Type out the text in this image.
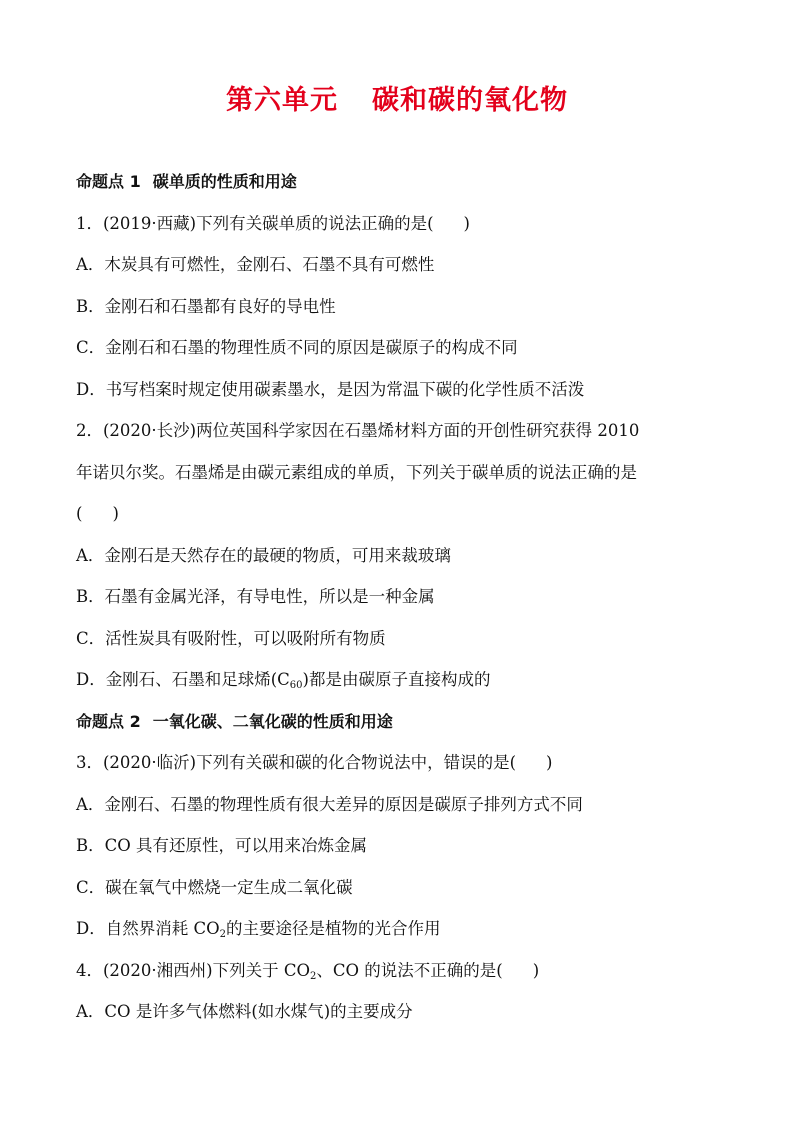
第六单元 碳和碳的氧化物
命题点 1 碳单质的性质和用途
1．(2019·西藏)下列有关碳单质的说法正确的是( )
A．木炭具有可燃性，金刚石、石墨不具有可燃性
B．金刚石和石墨都有良好的导电性
C．金刚石和石墨的物理性质不同的原因是碳原子的构成不同
D．书写档案时规定使用碳素墨水，是因为常温下碳的化学性质不活泼
2．(2020·长沙)两位英国科学家因在石墨烯材料方面的开创性研究获得 2010
年诺贝尔奖。石墨烯是由碳元素组成的单质，下列关于碳单质的说法正确的是
( )
A．金刚石是天然存在的最硬的物质，可用来裁玻璃
B．石墨有金属光泽，有导电性，所以是一种金属
C．活性炭具有吸附性，可以吸附所有物质
D．金刚石、石墨和足球烯$(C_{60})$都是由碳原子直接构成的
命题点 2 一氧化碳、二氧化碳的性质和用途
3．(2020·临沂)下列有关碳和碳的化合物说法中，错误的是( )
A．金刚石、石墨的物理性质有很大差异的原因是碳原子排列方式不同
B．CO 具有还原性，可以用来冶炼金属
C．碳在氧气中燃烧一定生成二氧化碳
D．自然界消耗 $CO_2$的主要途径是植物的光合作用
4．(2020·湘西州)下列关于 $CO_2$、CO 的说法不正确的是( )
A．CO 是许多气体燃料(如水煤气)的主要成分
